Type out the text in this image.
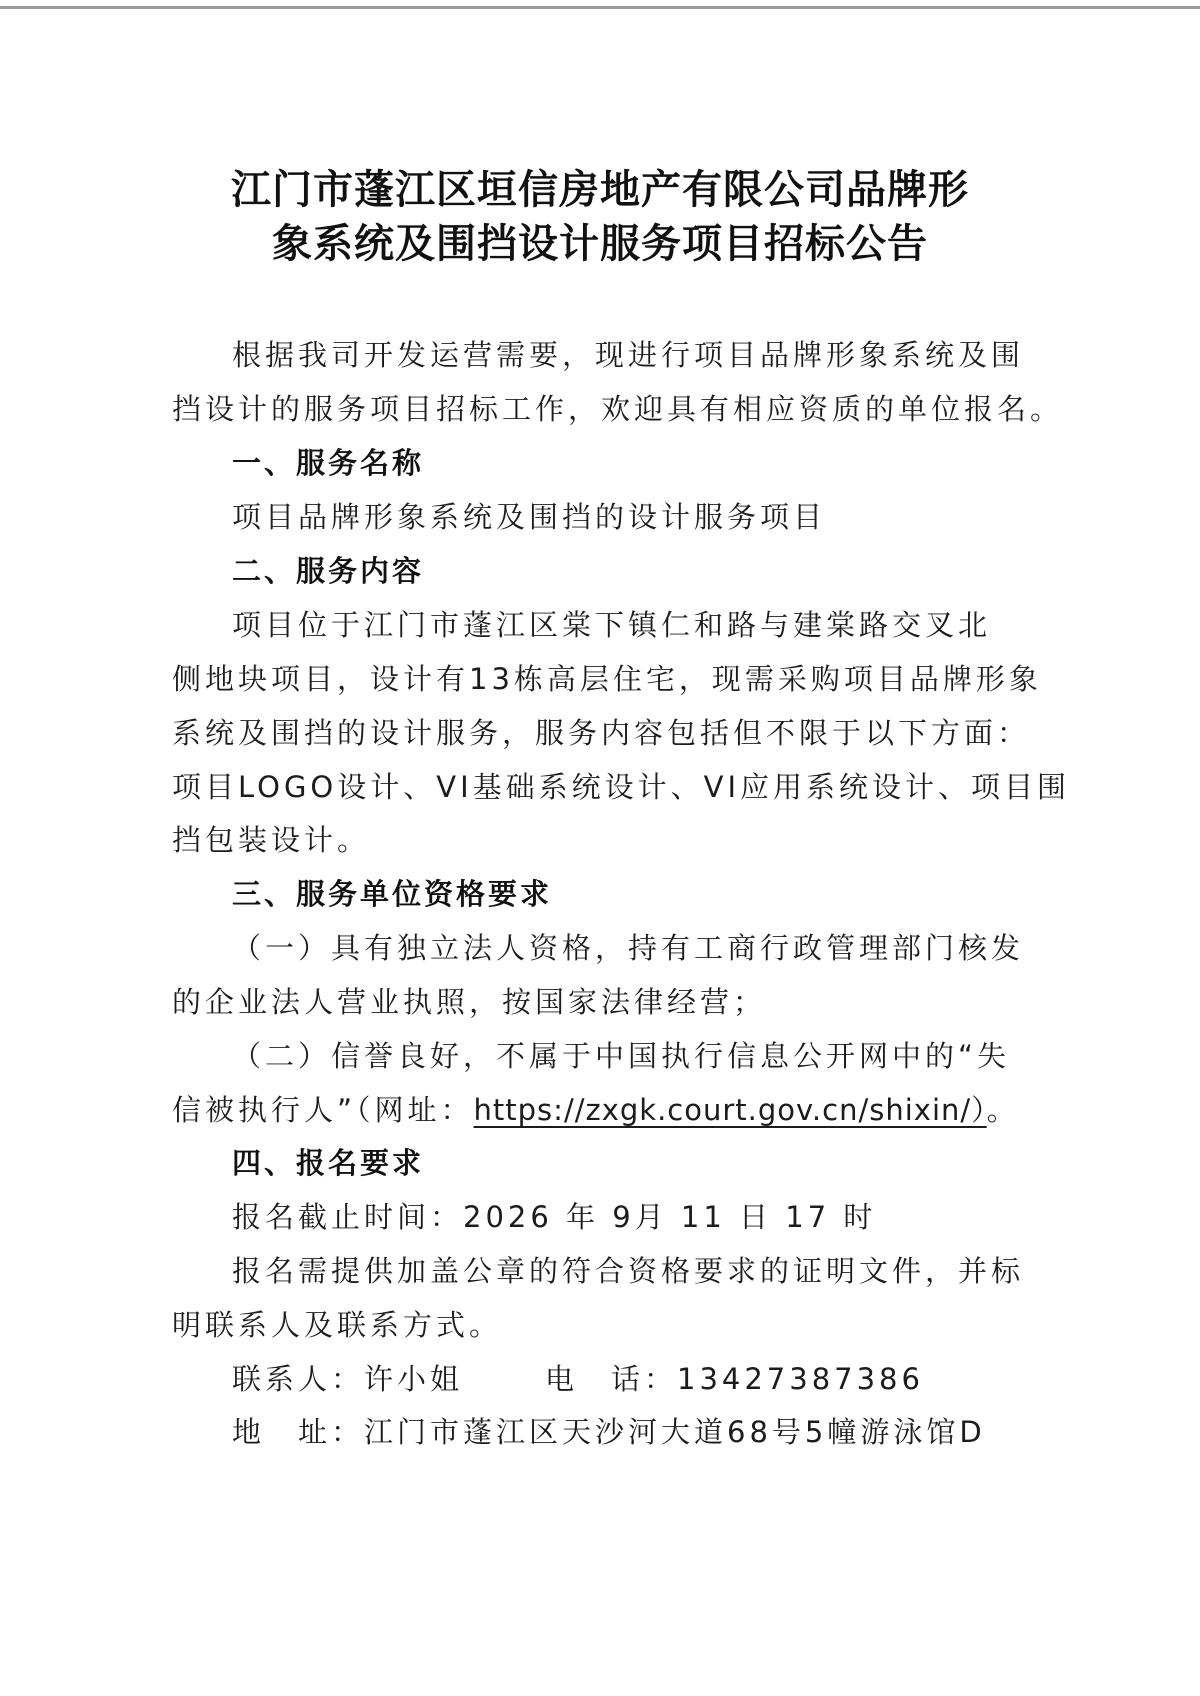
江门市蓬江区垣信房地产有限公司品牌形
象系统及围挡设计服务项目招标公告
根据我司开发运营需要，现进行项目品牌形象系统及围
挡设计的服务项目招标工作，欢迎具有相应资质的单位报名。
一、服务名称
项目品牌形象系统及围挡的设计服务项目
二、服务内容
项目位于江门市蓬江区棠下镇仁和路与建棠路交叉北
侧地块项目，设计有13栋高层住宅，现需采购项目品牌形象
系统及围挡的设计服务，服务内容包括但不限于以下方面：
项目LOGO设计、VI基础系统设计、VI应用系统设计、项目围
挡包装设计。
三、服务单位资格要求
（一）具有独立法人资格，持有工商行政管理部门核发
的企业法人营业执照，按国家法律经营；
（二）信誉良好，不属于中国执行信息公开网中的“失
信被执行人”（网址：https://zxgk.court.gov.cn/shixin/）。
四、报名要求
报名截止时间：2026 年 9月 11 日 17 时
报名需提供加盖公章的符合资格要求的证明文件，并标
明联系人及联系方式。
联系人：许小姐	电　话：13427387386
地　址：江门市蓬江区天沙河大道68号5幢游泳馆D
